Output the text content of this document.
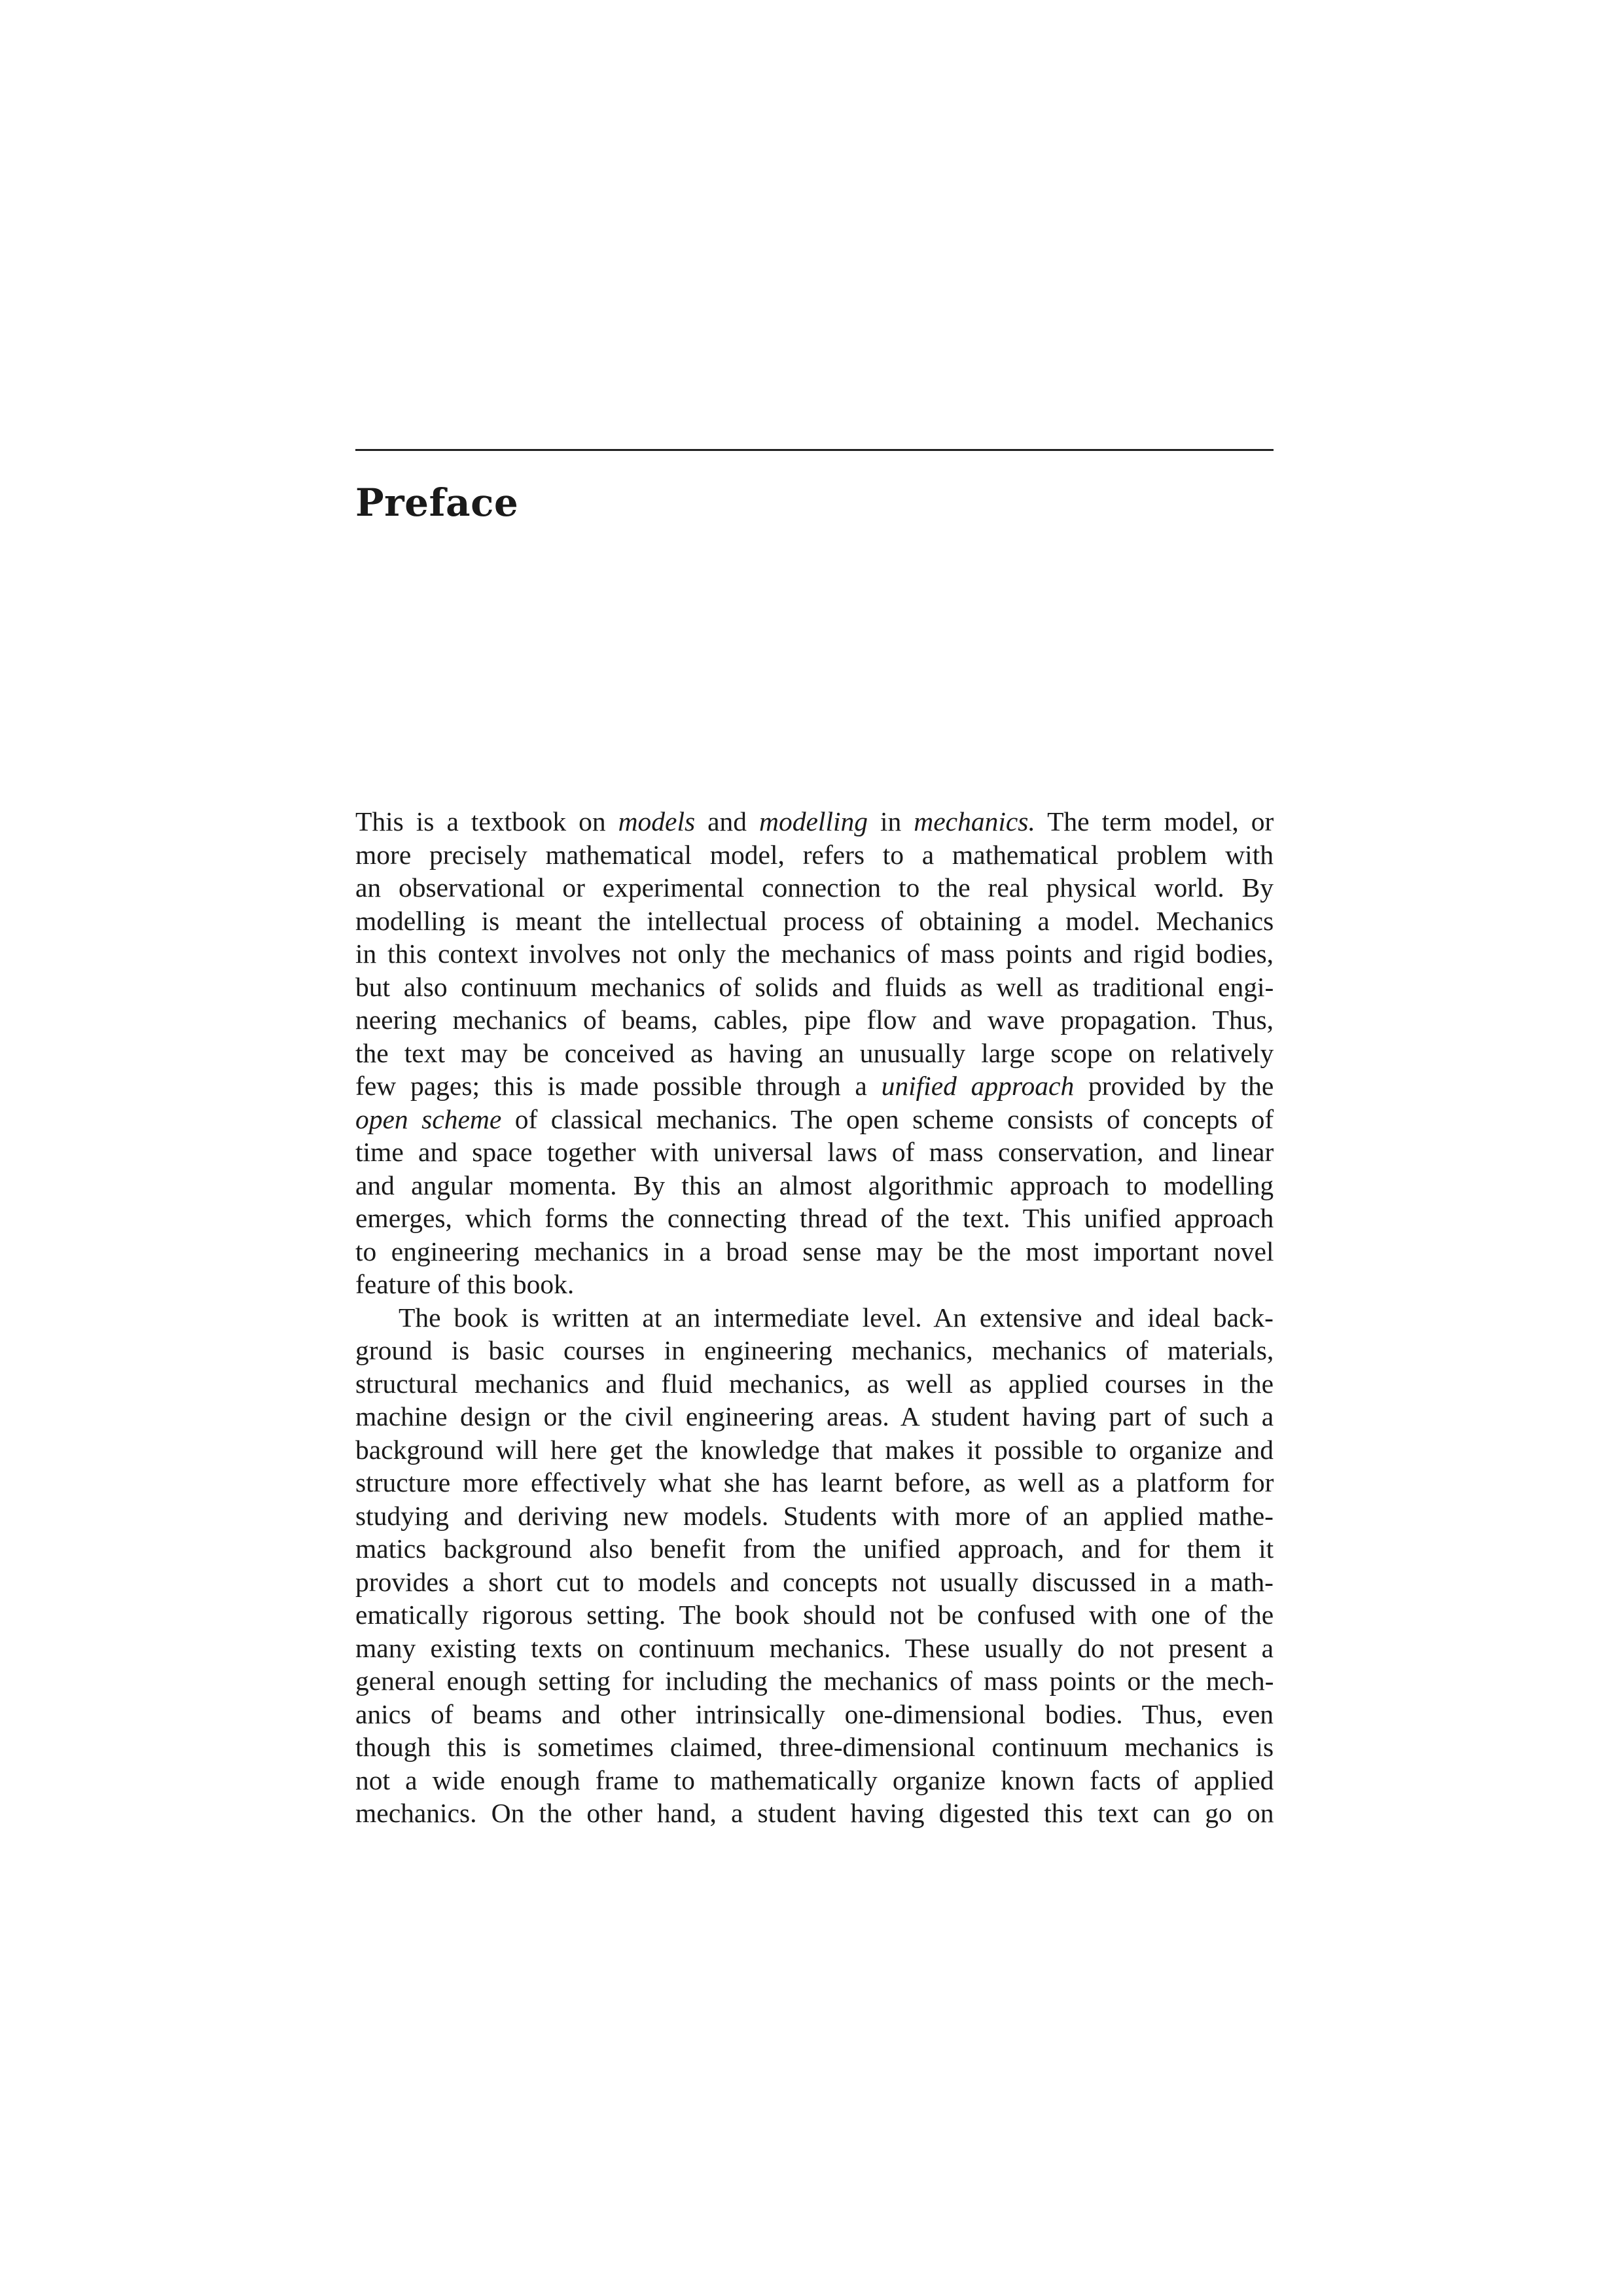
Preface
This is a textbook on models and modelling in mechanics. The term model, or
more precisely mathematical model, refers to a mathematical problem with
an observational or experimental connection to the real physical world. By
modelling is meant the intellectual process of obtaining a model. Mechanics
in this context involves not only the mechanics of mass points and rigid bodies,
but also continuum mechanics of solids and fluids as well as traditional engi-
neering mechanics of beams, cables, pipe flow and wave propagation. Thus,
the text may be conceived as having an unusually large scope on relatively
few pages; this is made possible through a unified approach provided by the
open scheme of classical mechanics. The open scheme consists of concepts of
time and space together with universal laws of mass conservation, and linear
and angular momenta. By this an almost algorithmic approach to modelling
emerges, which forms the connecting thread of the text. This unified approach
to engineering mechanics in a broad sense may be the most important novel
feature of this book.
The book is written at an intermediate level. An extensive and ideal back-
ground is basic courses in engineering mechanics, mechanics of materials,
structural mechanics and fluid mechanics, as well as applied courses in the
machine design or the civil engineering areas. A student having part of such a
background will here get the knowledge that makes it possible to organize and
structure more effectively what she has learnt before, as well as a platform for
studying and deriving new models. Students with more of an applied mathe-
matics background also benefit from the unified approach, and for them it
provides a short cut to models and concepts not usually discussed in a math-
ematically rigorous setting. The book should not be confused with one of the
many existing texts on continuum mechanics. These usually do not present a
general enough setting for including the mechanics of mass points or the mech-
anics of beams and other intrinsically one-dimensional bodies. Thus, even
though this is sometimes claimed, three-dimensional continuum mechanics is
not a wide enough frame to mathematically organize known facts of applied
mechanics. On the other hand, a student having digested this text can go on
